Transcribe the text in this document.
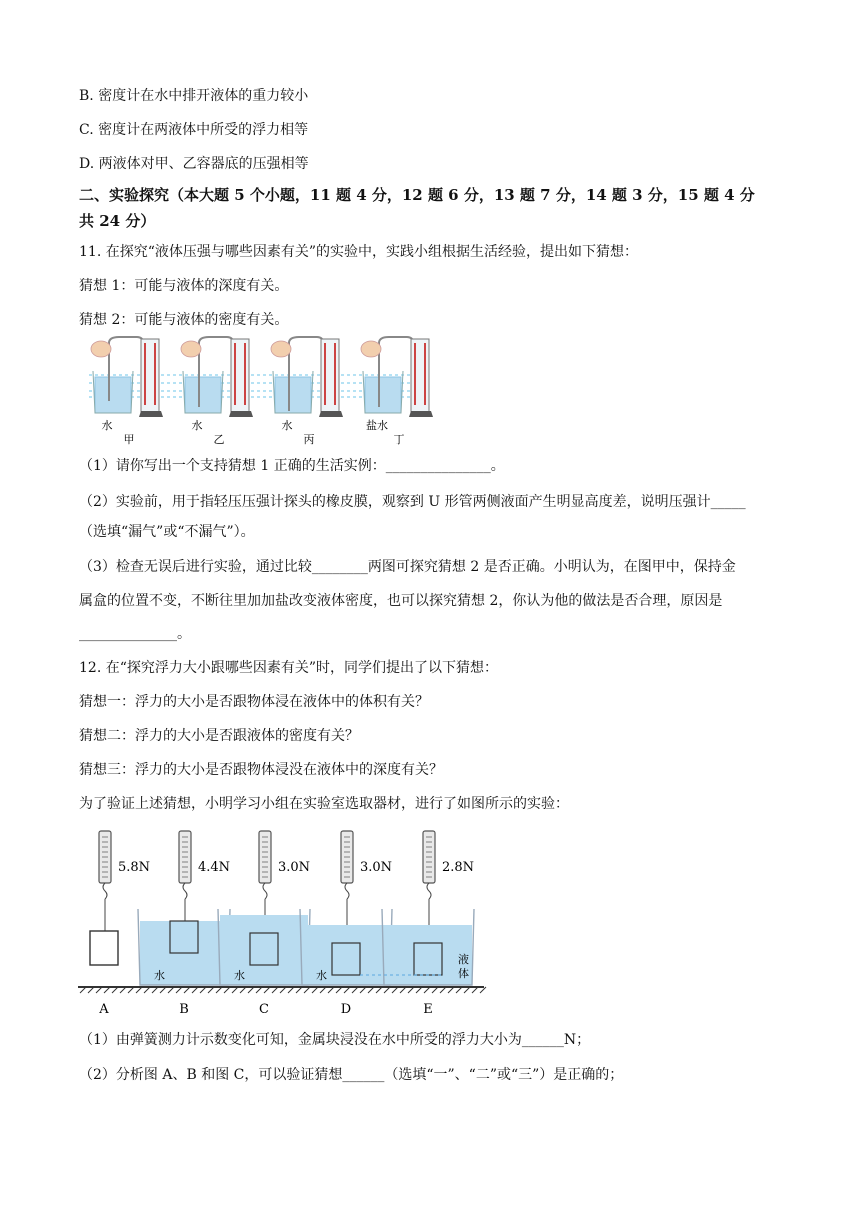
B. 密度计在水中排开液体的重力较小
C. 密度计在两液体中所受的浮力相等
D. 两液体对甲、乙容器底的压强相等
二、实验探究（本大题 5 个小题，11 题 4 分，12 题 6 分，13 题 7 分，14 题 3 分，15 题 4 分
共 24 分）
11. 在探究“液体压强与哪些因素有关”的实验中，实践小组根据生活经验，提出如下猜想：
猜想 1：可能与液体的深度有关。
猜想 2：可能与液体的密度有关。
水
甲
水
乙
水
丙
盐水
丁
（1）请你写出一个支持猜想 1 正确的生活实例：_______________。
（2）实验前，用于指轻压压强计探头的橡皮膜，观察到 U 形管两侧液面产生明显高度差，说明压强计_____
（选填“漏气”或“不漏气”）。
（3）检查无误后进行实验，通过比较________两图可探究猜想 2 是否正确。小明认为，在图甲中，保持金
属盒的位置不变，不断往里加加盐改变液体密度，也可以探究猜想 2，你认为他的做法是否合理，原因是
______________。
12. 在“探究浮力大小跟哪些因素有关”时，同学们提出了以下猜想：
猜想一：浮力的大小是否跟物体浸在液体中的体积有关？
猜想二：浮力的大小是否跟液体的密度有关？
猜想三：浮力的大小是否跟物体浸没在液体中的深度有关？
为了验证上述猜想，小明学习小组在实验室选取器材，进行了如图所示的实验：
5.8N
A
4.4N
水
B
3.0N
水
C
3.0N
水
D
2.8N
液
体
E
（1）由弹簧测力计示数变化可知，金属块浸没在水中所受的浮力大小为______N；
（2）分析图 A、B 和图 C，可以验证猜想______（选填“一”、“二”或“三”）是正确的；
